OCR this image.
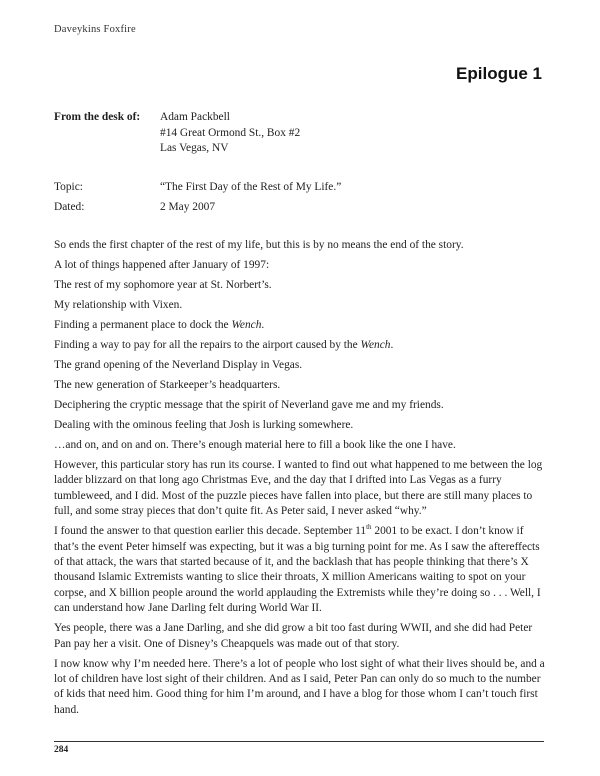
Daveykins Foxfire
Epilogue 1
From the desk of:	Adam Packbell
#14 Great Ormond St., Box #2
Las Vegas, NV
Topic:	“The First Day of the Rest of My Life.”
Dated:	2 May 2007

So ends the first chapter of the rest of my life, but this is by no means the end of the story.

A lot of things happened after January of 1997:

The rest of my sophomore year at St. Norbert’s.

My relationship with Vixen.

Finding a permanent place to dock the Wench.

Finding a way to pay for all the repairs to the airport caused by the Wench.

The grand opening of the Neverland Display in Vegas.

The new generation of Starkeeper’s headquarters.

Deciphering the cryptic message that the spirit of Neverland gave me and my friends.

Dealing with the ominous feeling that Josh is lurking somewhere.

…and on, and on and on. There’s enough material here to fill a book like the one I have.

However, this particular story has run its course. I wanted to find out what happened to me between the log ladder blizzard on that long ago Christmas Eve, and the day that I drifted into Las Vegas as a furry tumbleweed, and I did. Most of the puzzle pieces have fallen into place, but there are still many places to full, and some stray pieces that don’t quite fit. As Peter said, I never asked “why.”

I found the answer to that question earlier this decade. September 11th 2001 to be exact. I don’t know if that’s the event Peter himself was expecting, but it was a big turning point for me. As I saw the aftereffects of that attack, the wars that started because of it, and the backlash that has people thinking that there’s X thousand Islamic Extremists wanting to slice their throats, X million Americans waiting to spot on your corpse, and X billion people around the world applauding the Extremists while they’re doing so . . . Well, I can understand how Jane Darling felt during World War II.

Yes people, there was a Jane Darling, and she did grow a bit too fast during WWII, and she did had Peter Pan pay her a visit. One of Disney’s Cheapquels was made out of that story.

I now know why I’m needed here. There’s a lot of people who lost sight of what their lives should be, and a lot of children have lost sight of their children. And as I said, Peter Pan can only do so much to the number of kids that need him. Good thing for him I’m around, and I have a blog for those whom I can’t touch first hand.

284
